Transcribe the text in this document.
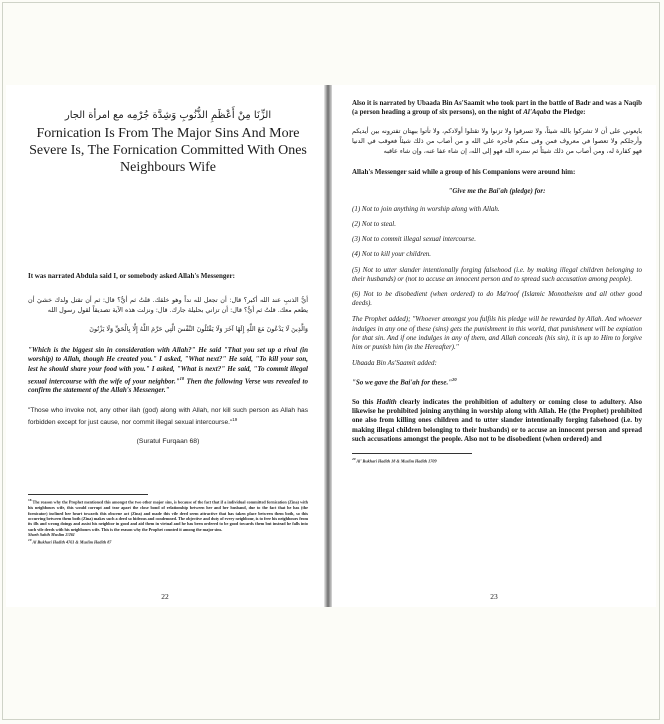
الزِّنَا مِنْ أَعْظَمِ الذُّنُوبِ وَشِدَّة جُرْمِه مع امرأة الجار

Fornication Is From The Major Sins And More Severe Is, The Fornication Committed With Ones Neighbours Wife

It was narrated Abdula said I, or somebody asked Allah's Messenger:

أيُّ الذنبِ عند الله أكبر؟ قال: أن تجعل لله نداً وهو خلقك. قلتُ ثم أيٌّ؟ قال: ثم أن تقتل ولدك خشيَ أن يطعم معك. قلتُ ثم أيٌّ؟ قال: أن تزاني بحليلة جارك. قال: ونزلت هذه الآية تصديقاً لقول رسول الله

وَالَّذِينَ لَا يَدْعُونَ مَعَ اللَّهِ إِلَهًا آخَرَ وَلَا يَقْتُلُونَ النَّفْسَ الَّتِي حَرَّمَ اللَّهُ إِلَّا بِالْحَقِّ وَلَا يَزْنُونَ

"Which is the biggest sin in consideration with Allah?" He said "That you set up a rival (in worship) to Allah, though He created you." I asked, "What next?" He said, "To kill your son, lest he should share your food with you." I asked, "What is next?" He said, "To commit illegal sexual intercourse with the wife of your neighbor."$^{18}$ Then the following Verse was revealed to confirm the statement of the Allah's Messenger."

"Those who invoke not, any other ilah (god) along with Allah, nor kill such person as Allah has forbidden except for just cause, nor commit illegal sexual intercourse."$^{19}$

(Suratul Furqaan 68)

$^{18}$ The reason why the Prophet mentioned this amongst the two other major sins, is because of the fact that if a individual committed fornication (Zina) with his neighbours wife, this would corrupt and tear apart the close bond of relationship between her and her husband, due to the fact that he has (the fornicator) inclined her heart towards this obscene act (Zina) and made this vile deed seem attractive that has taken place between them both, so this occurring between them both (Zina) makes such a deed so hideous and condemned. The objective and duty of every neighbour, is to free his neighbours from its ills and wrong doings and assist his neighbor in good and aid them in virtual and he has been ordered to be good towards them but instead he falls into such vile deeds with his neighbours wife. This is the reason why the Prophet counted it among the major sins.

Sharh Sahih Muslim 2/261

$^{19}$ Al Bukhari Hadith 4761 & Muslim Hadith 87

22

Also it is narrated by Ubaada Bin As'Saamit who took part in the battle of Badr and was a Naqib (a person heading a group of six persons), on the night of Al'Aqaba the Pledge:

بايعوني على أن لا تشركوا بالله شيئاً، ولا تسرقوا ولا تزنوا ولا تقتلوا أولادكم، ولا تأتوا ببهتان تفترونه بين أيديكم وأرجلكم ولا تعصوا في معروف فمن وفى منكم فأجره على الله و من أصاب من ذلك شيئاً فعوقب في الدنيا فهو كفارة له، ومن أصاب من ذلك شيئاً ثم ستره الله فهو إلى الله، إن شاء عفا عنه، وإن شاء عاقبه

Allah's Messenger said while a group of his Companions were around him:

"Give me the Bai'ah (pledge) for:

(1) Not to join anything in worship along with Allah.

(2) Not to steal.

(3) Not to commit illegal sexual intercourse.

(4) Not to kill your children.

(5) Not to utter slander intentionally forging falsehood (i.e. by making illegal children belonging to their husbands) or (not to accuse an innocent person and to spread such accusation among people).

(6) Not to be disobedient (when ordered) to do Ma'roof (Islamic Monotheism and all other good deeds).

The Prophet added); "Whoever amongst you fulfils his pledge will be rewarded by Allah. And whoever indulges in any one of these (sins) gets the punishment in this world, that punishment will be expiation for that sin. And if one indulges in any of them, and Allah conceals (his sin), it is up to Him to forgive him or punish him (in the Hereafter)."

Ubaada Bin As'Saamit added:

"So we gave the Bai'ah for these."$^{20}$

So this Hadith clearly indicates the prohibition of adultery or coming close to adultery. Also likewise he prohibited joining anything in worship along with Allah. He (the Prophet) prohibited one also from killing ones children and to utter slander intentionally forging falsehood (i.e. by making illegal children belonging to their husbands) or to accuse an innocent person and spread such accusations amongst the people. Also not to be disobedient (when ordered) and

$^{20}$ Al' Bukhari Hadith 18 & Muslim Hadith 1709

23
